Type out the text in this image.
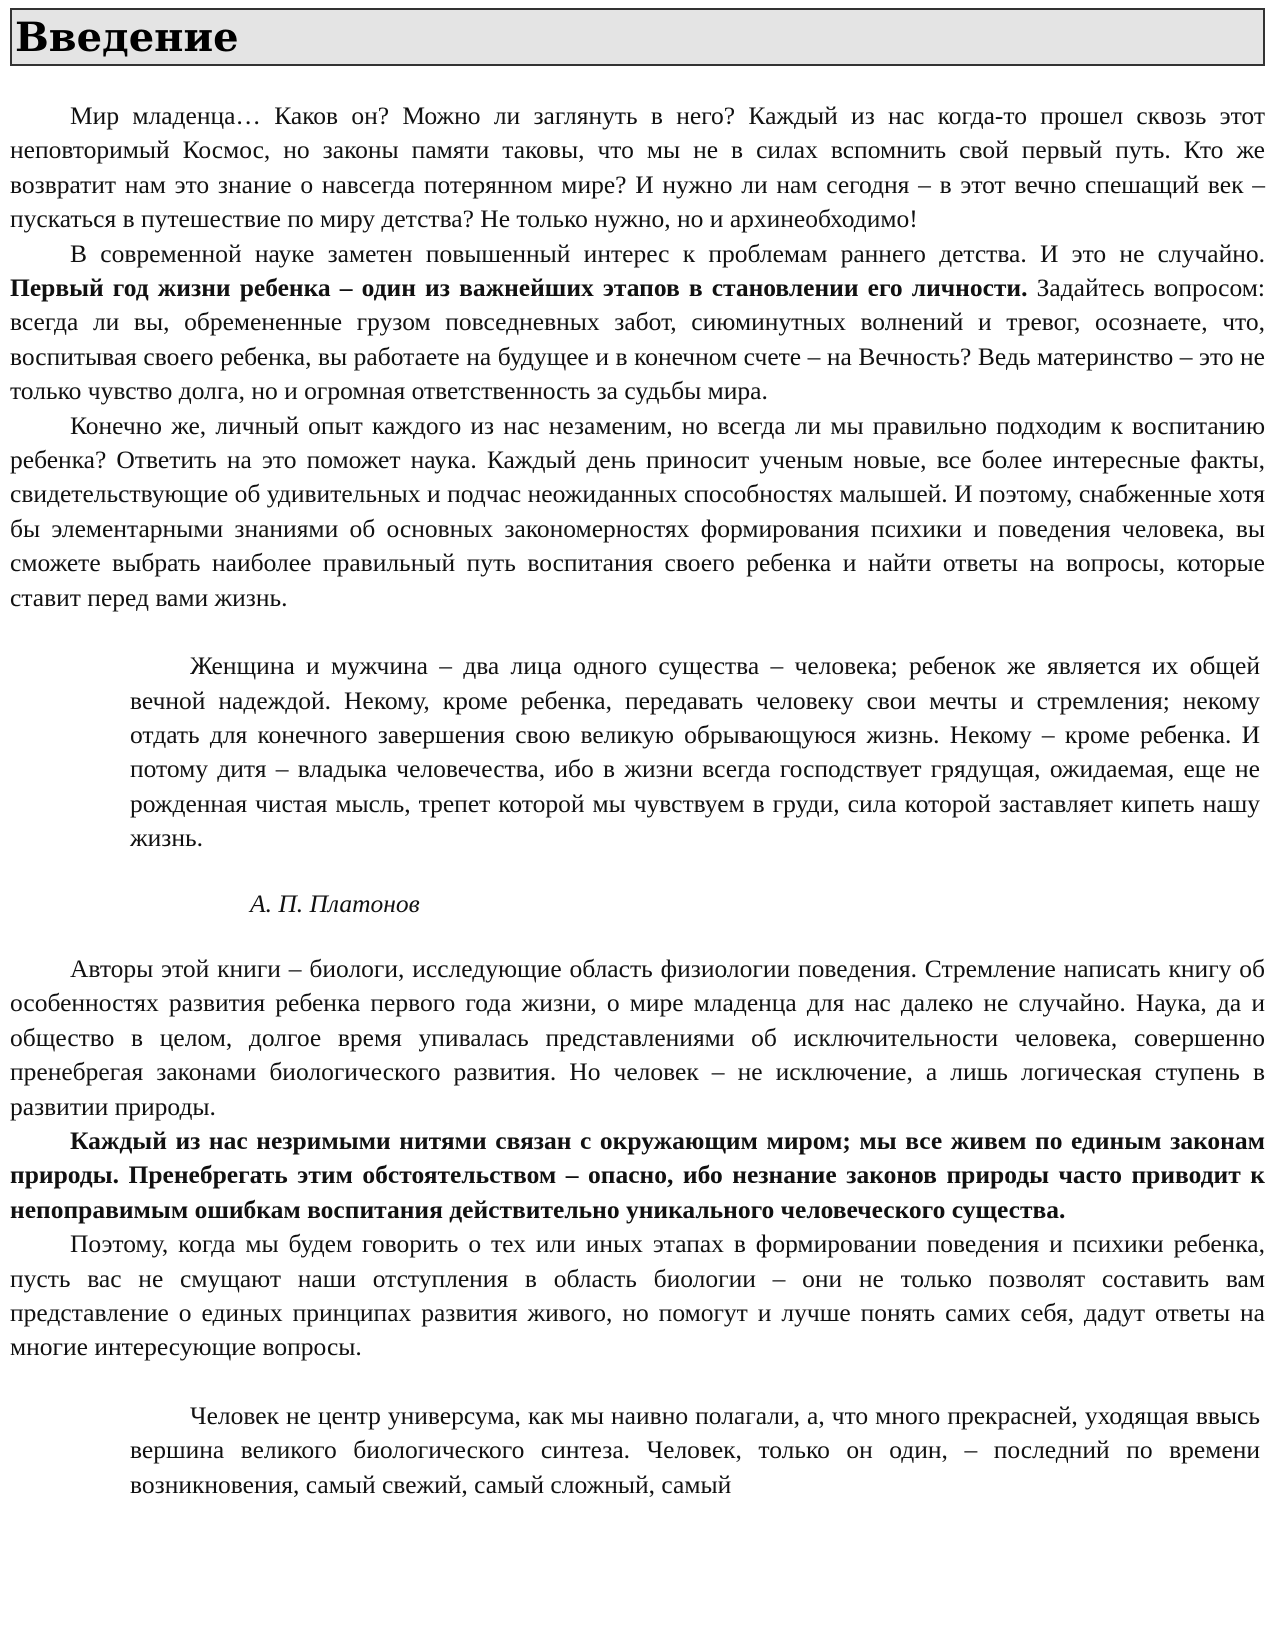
Введение

Мир младенца… Каков он? Можно ли заглянуть в него? Каждый из нас когда-то прошел сквозь этот неповторимый Космос, но законы памяти таковы, что мы не в силах вспомнить свой первый путь. Кто же возвратит нам это знание о навсегда потерянном мире? И нужно ли нам сегодня – в этот вечно спешащий век – пускаться в путешествие по миру детства? Не только нужно, но и архинеобходимо!

В современной науке заметен повышенный интерес к проблемам раннего детства. И это не случайно. Первый год жизни ребенка – один из важнейших этапов в становлении его личности. Задайтесь вопросом: всегда ли вы, обремененные грузом повседневных забот, сиюминутных волнений и тревог, осознаете, что, воспитывая своего ребенка, вы работаете на будущее и в конечном счете – на Вечность? Ведь материнство – это не только чувство долга, но и огромная ответственность за судьбы мира.

Конечно же, личный опыт каждого из нас незаменим, но всегда ли мы правильно подходим к воспитанию ребенка? Ответить на это поможет наука. Каждый день приносит ученым новые, все более интересные факты, свидетельствующие об удивительных и подчас неожиданных способностях малышей. И поэтому, снабженные хотя бы элементарными знаниями об основных закономерностях формирования психики и поведения человека, вы сможете выбрать наиболее правильный путь воспитания своего ребенка и найти ответы на вопросы, которые ставит перед вами жизнь.

Женщина и мужчина – два лица одного существа – человека; ребенок же является их общей вечной надеждой. Некому, кроме ребенка, передавать человеку свои мечты и стремления; некому отдать для конечного завершения свою великую обрывающуюся жизнь. Некому – кроме ребенка. И потому дитя – владыка человечества, ибо в жизни всегда господствует грядущая, ожидаемая, еще не рожденная чистая мысль, трепет которой мы чувствуем в груди, сила которой заставляет кипеть нашу жизнь.

А. П. Платонов

Авторы этой книги – биологи, исследующие область физиологии поведения. Стремление написать книгу об особенностях развития ребенка первого года жизни, о мире младенца для нас далеко не случайно. Наука, да и общество в целом, долгое время упивалась представлениями об исключительности человека, совершенно пренебрегая законами биологического развития. Но человек – не исключение, а лишь логическая ступень в развитии природы.

Каждый из нас незримыми нитями связан с окружающим миром; мы все живем по единым законам природы. Пренебрегать этим обстоятельством – опасно, ибо незнание законов природы часто приводит к непоправимым ошибкам воспитания действительно уникального человеческого существа.

Поэтому, когда мы будем говорить о тех или иных этапах в формировании поведения и психики ребенка, пусть вас не смущают наши отступления в область биологии – они не только позволят составить вам представление о единых принципах развития живого, но помогут и лучше понять самих себя, дадут ответы на многие интересующие вопросы.

Человек не центр универсума, как мы наивно полагали, а, что много прекрасней, уходящая ввысь вершина великого биологического синтеза. Человек, только он один, – последний по времени возникновения, самый свежий, самый сложный, самый
